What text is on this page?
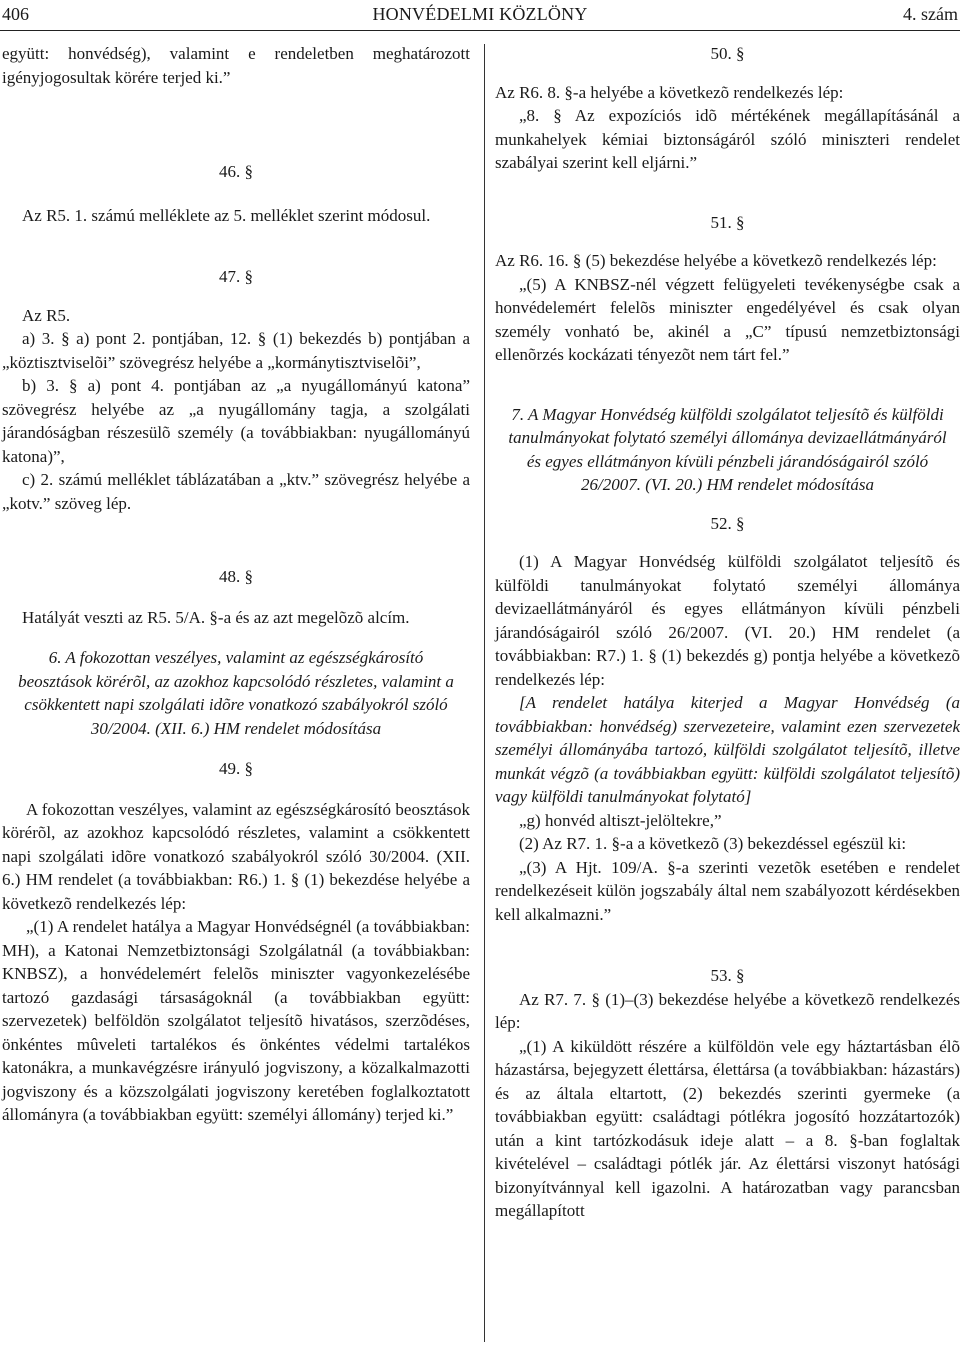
406	HONVÉDELMI KÖZLÖNY	4. szám

együtt: honvédség), valamint e rendeletben meghatározott igényjogosultak körére terjed ki.”

46. §

Az R5. 1. számú melléklete az 5. melléklet szerint módosul.

47. §

Az R5.

a) 3. § a) pont 2. pontjában, 12. § (1) bekezdés b) pontjában a „köztisztviselõi” szövegrész helyébe a „kormánytisztviselõi”,

b) 3. § a) pont 4. pontjában az „a nyugállományú katona” szövegrész helyébe az „a nyugállomány tagja, a szolgálati járandóságban részesülõ személy (a továbbiakban: nyugállományú katona)”,

c) 2. számú melléklet táblázatában a „ktv.” szövegrész helyébe a „kotv.” szöveg lép.

48. §

Hatályát veszti az R5. 5/A. §-a és az azt megelõzõ alcím.

6. A fokozottan veszélyes, valamint az egészségkárosító beosztások körérõl, az azokhoz kapcsolódó részletes, valamint a csökkentett napi szolgálati idõre vonatkozó szabályokról szóló

30/2004. (XII. 6.) HM rendelet módosítása

49. §

A fokozottan veszélyes, valamint az egészségkárosító beosztások körérõl, az azokhoz kapcsolódó részletes, valamint a csökkentett napi szolgálati idõre vonatkozó szabályokról szóló 30/2004. (XII. 6.) HM rendelet (a továbbiakban: R6.) 1. § (1) bekezdése helyébe a következõ rendelkezés lép:

„(1) A rendelet hatálya a Magyar Honvédségnél (a továbbiakban: MH), a Katonai Nemzetbiztonsági Szolgálatnál (a továbbiakban: KNBSZ), a honvédelemért felelõs miniszter vagyonkezelésébe tartozó gazdasági társaságoknál (a továbbiakban együtt: szervezetek) belföldön szolgálatot teljesítõ hivatásos, szerzõdéses, önkéntes mûveleti tartalékos és önkéntes védelmi tartalékos katonákra, a munkavégzésre irányuló jogviszony, a közalkalmazotti jogviszony és a közszolgálati jogviszony keretében foglalkoztatott állományra (a továbbiakban együtt: személyi állomány) terjed ki.”

50. §

Az R6. 8. §-a helyébe a következõ rendelkezés lép:

„8. § Az expozíciós idõ mértékének megállapításánál a munkahelyek kémiai biztonságáról szóló miniszteri rendelet szabályai szerint kell eljárni.”

51. §

Az R6. 16. § (5) bekezdése helyébe a következõ rendelkezés lép:

„(5) A KNBSZ-nél végzett felügyeleti tevékenységbe csak a honvédelemért felelõs miniszter engedélyével és csak olyan személy vonható be, akinél a „C” típusú nemzetbiztonsági ellenõrzés kockázati tényezõt nem tárt fel.”

7. A Magyar Honvédség külföldi szolgálatot teljesítõ és külföldi tanulmányokat folytató személyi állománya devizaellátmányáról és egyes ellátmányon kívüli pénzbeli járandóságairól szóló

26/2007. (VI. 20.) HM rendelet módosítása

52. §

(1) A Magyar Honvédség külföldi szolgálatot teljesítõ és külföldi tanulmányokat folytató személyi állománya devizaellátmányáról és egyes ellátmányon kívüli pénzbeli járandóságairól szóló 26/2007. (VI. 20.) HM rendelet (a továbbiakban: R7.) 1. § (1) bekezdés g) pontja helyébe a következõ rendelkezés lép:

[A rendelet hatálya kiterjed a Magyar Honvédség (a továbbiakban: honvédség) szervezeteire, valamint ezen szervezetek személyi állományába tartozó, külföldi szolgálatot teljesítõ, illetve munkát végzõ (a továbbiakban együtt: külföldi szolgálatot teljesítõ) vagy külföldi tanulmányokat folytató]

„g) honvéd altiszt-jelöltekre,”

(2) Az R7. 1. §-a a következõ (3) bekezdéssel egészül ki:

„(3) A Hjt. 109/A. §-a szerinti vezetõk esetében e rendelet rendelkezéseit külön jogszabály által nem szabályozott kérdésekben kell alkalmazni.”

53. §

Az R7. 7. § (1)–(3) bekezdése helyébe a következõ rendelkezés lép:

„(1) A kiküldött részére a külföldön vele egy háztartásban élõ házastársa, bejegyzett élettársa, élettársa (a továbbiakban: házastárs) és az általa eltartott, (2) bekezdés szerinti gyermeke (a továbbiakban együtt: családtagi pótlékra jogosító hozzátartozók) után a kint tartózkodásuk ideje alatt – a 8. §-ban foglaltak kivételével – családtagi pótlék jár. Az élettársi viszonyt hatósági bizonyítvánnyal kell igazolni. A határozatban vagy parancsban megállapított
